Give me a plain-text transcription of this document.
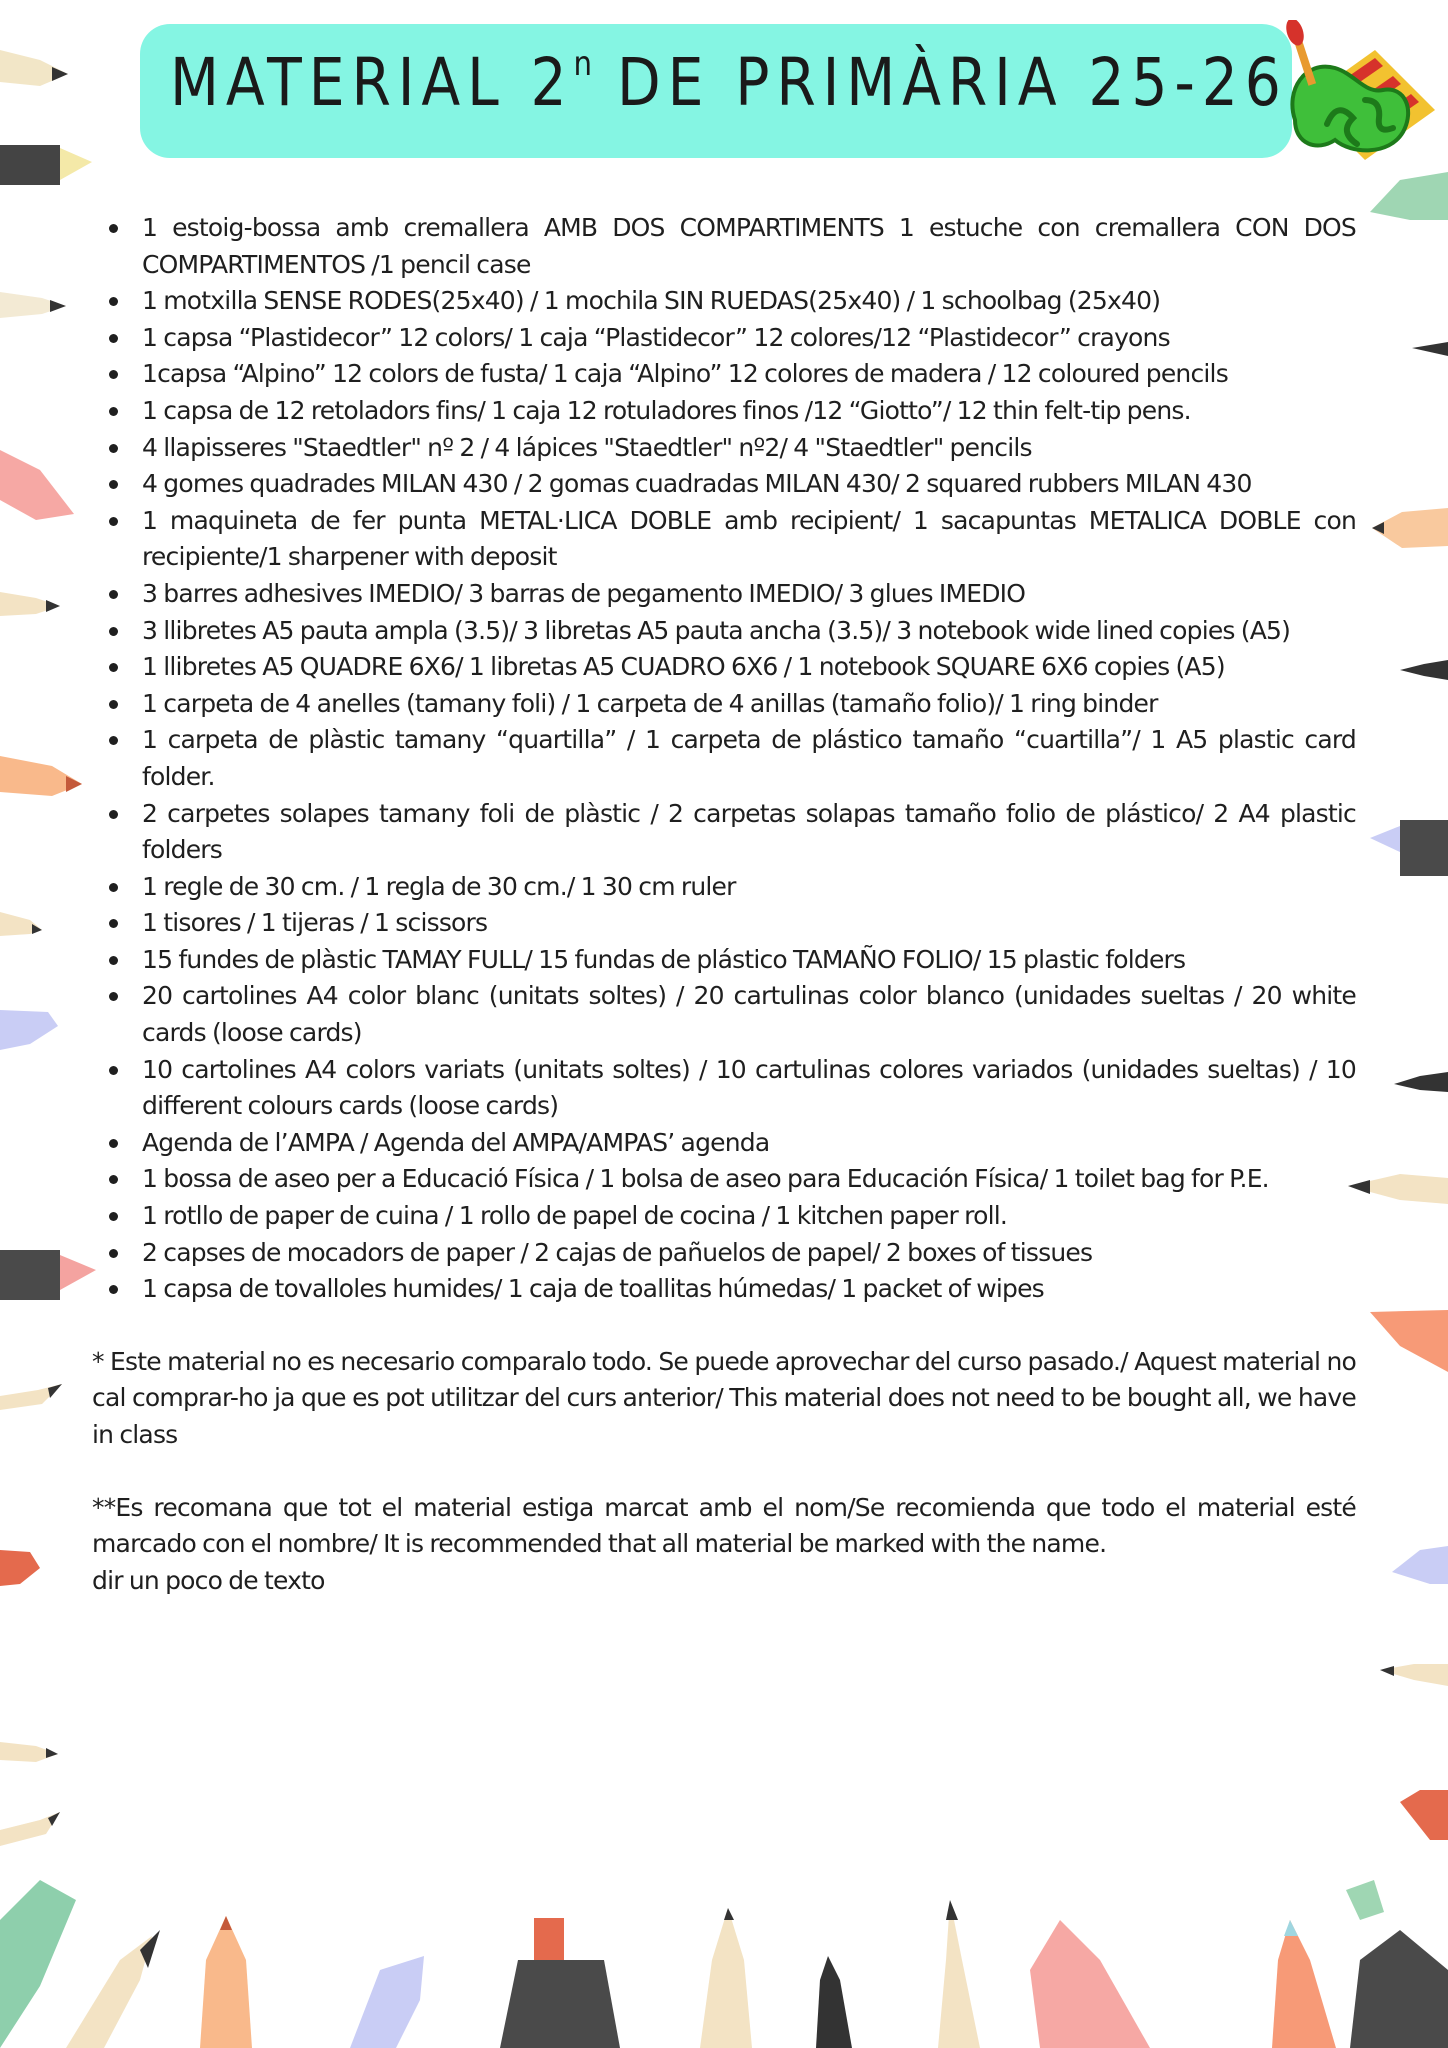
MATERIAL 2$^n$ DE PRIMÀRIA 25-26
1 estoig-bossa amb cremallera AMB DOS COMPARTIMENTS 1 estuche con cremallera CON DOS COMPARTIMENTOS /1 pencil case
1 motxilla SENSE RODES(25x40) / 1 mochila SIN RUEDAS(25x40) / 1 schoolbag (25x40)
1 capsa “Plastidecor” 12 colors/ 1 caja “Plastidecor” 12 colores/12 “Plastidecor” crayons
1capsa “Alpino” 12 colors de fusta/ 1 caja “Alpino” 12 colores de madera / 12 coloured pencils
1 capsa de 12 retoladors fins/ 1 caja 12 rotuladores finos /12 “Giotto”/ 12 thin felt-tip pens.
4 llapisseres "Staedtler" nº 2 / 4 lápices "Staedtler" nº2/ 4 "Staedtler" pencils
4 gomes quadrades MILAN 430 / 2 gomas cuadradas MILAN 430/ 2 squared rubbers MILAN 430
1 maquineta de fer punta METAL·LICA DOBLE amb recipient/ 1 sacapuntas METALICA DOBLE con recipiente/1 sharpener with deposit
3 barres adhesives IMEDIO/ 3 barras de pegamento IMEDIO/ 3 glues IMEDIO
3 llibretes A5 pauta ampla (3.5)/ 3 libretas A5 pauta ancha (3.5)/ 3 notebook wide lined copies (A5)
1 llibretes A5 QUADRE 6X6/ 1 libretas A5 CUADRO 6X6 / 1 notebook SQUARE 6X6 copies (A5)
1 carpeta de 4 anelles (tamany foli) / 1 carpeta de 4 anillas (tamaño folio)/ 1 ring binder
1 carpeta de plàstic tamany “quartilla” / 1 carpeta de plástico tamaño “cuartilla”/ 1 A5 plastic card folder.
2 carpetes solapes tamany foli de plàstic / 2 carpetas solapas tamaño folio de plástico/ 2 A4 plastic folders
1 regle de 30 cm. / 1 regla de 30 cm./ 1 30 cm ruler
1 tisores / 1 tijeras / 1 scissors
15 fundes de plàstic TAMAY FULL/ 15 fundas de plástico TAMAÑO FOLIO/ 15 plastic folders
20 cartolines A4 color blanc (unitats soltes) / 20 cartulinas color blanco (unidades sueltas / 20 white cards (loose cards)
10 cartolines A4 colors variats (unitats soltes) / 10 cartulinas colores variados (unidades sueltas) / 10 different colours cards (loose cards)
Agenda de l’AMPA / Agenda del AMPA/AMPAS’ agenda
1 bossa de aseo per a Educació Física / 1 bolsa de aseo para Educación Física/ 1 toilet bag for P.E.
1 rotllo de paper de cuina / 1 rollo de papel de cocina / 1 kitchen paper roll.
2 capses de mocadors de paper / 2 cajas de pañuelos de papel/ 2 boxes of tissues
1 capsa de tovalloles humides/ 1 caja de toallitas húmedas/ 1 packet of wipes

* Este material no es necesario comparalo todo. Se puede aprovechar del curso pasado./ Aquest material no cal comprar-ho ja que es pot utilitzar del curs anterior/ This material does not need to be bought all, we have in class

**Es recomana que tot el material estiga marcat amb el nom/Se recomienda que todo el material esté marcado con el nombre/ It is recommended that all material be marked with the name.

dir un poco de texto
